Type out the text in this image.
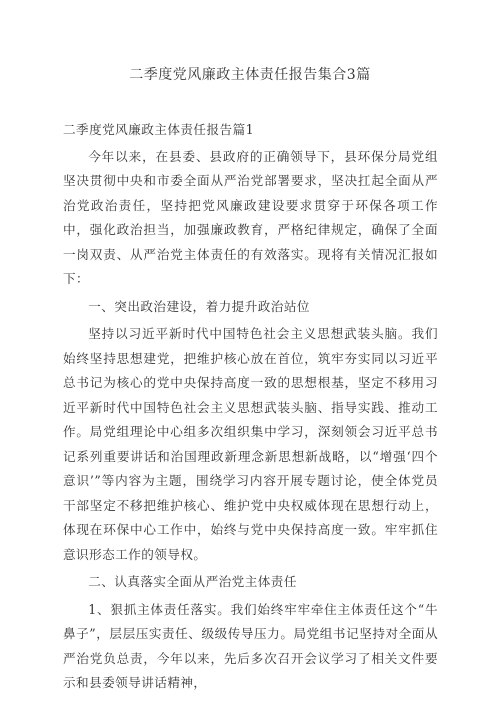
二季度党风廉政主体责任报告集合3篇

二季度党风廉政主体责任报告篇1

今年以来，在县委、县政府的正确领导下，县环保分局党组坚决贯彻中央和市委全面从严治党部署要求，坚决扛起全面从严治党政治责任，坚持把党风廉政建设要求贯穿于环保各项工作中，强化政治担当，加强廉政教育，严格纪律规定，确保了全面一岗双责、从严治党主体责任的有效落实。现将有关情况汇报如下：

一、突出政治建设，着力提升政治站位

坚持以习近平新时代中国特色社会主义思想武装头脑。我们始终坚持思想建党，把维护核心放在首位，筑牢夯实同以习近平总书记为核心的党中央保持高度一致的思想根基，坚定不移用习近平新时代中国特色社会主义思想武装头脑、指导实践、推动工作。局党组理论中心组多次组织集中学习，深刻领会习近平总书记系列重要讲话和治国理政新理念新思想新战略，以“增强‘四个意识’”等内容为主题，围绕学习内容开展专题讨论，使全体党员干部坚定不移把维护核心、维护党中央权威体现在思想行动上，体现在环保中心工作中，始终与党中央保持高度一致。牢牢抓住意识形态工作的领导权。

二、认真落实全面从严治党主体责任

1、狠抓主体责任落实。我们始终牢牢牵住主体责任这个“牛鼻子”，层层压实责任、级级传导压力。局党组书记坚持对全面从严治党负总责，今年以来，先后多次召开会议学习了相关文件要示和县委领导讲话精神，
